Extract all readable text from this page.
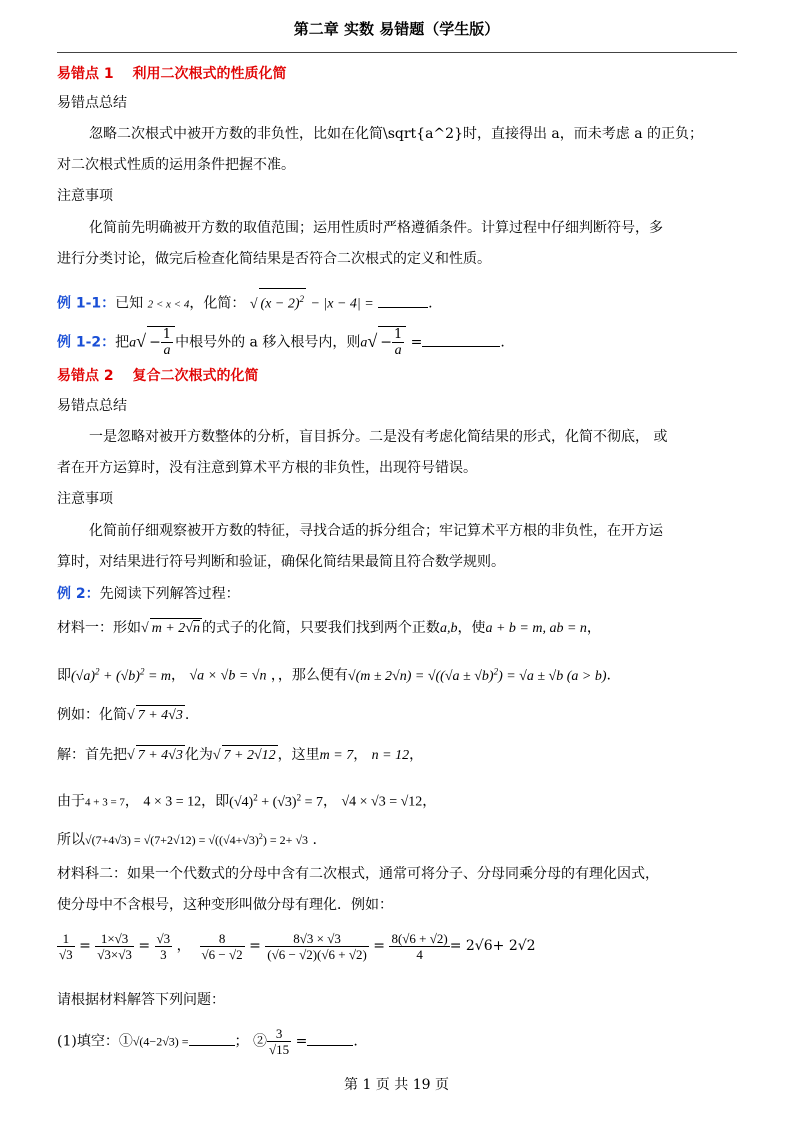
第二章 实数 易错题（学生版）
易错点 1　 利用二次根式的性质化简
易错点总结
忽略二次根式中被开方数的非负性，比如在化简\sqrt{a^2}时，直接得出 a，而未考虑 a 的正负；
对二次根式性质的运用条件把握不准。
注意事项
化简前先明确被开方数的取值范围；运用性质时严格遵循条件。计算过程中仔细判断符号，多
进行分类讨论，做完后检查化简结果是否符合二次根式的定义和性质。
例 1-1：已知 2 < x < 4，化简： √ $(x - 2)^2 - |x - 4|$ =	.
例 1-2：把$a√ - \frac{1}{a}$ 中根号外的 a 移入根号内，则$a√ - \frac{1}{a}$ =	.
易错点 2　 复合二次根式的化简
易错点总结
一是忽略对被开方数整体的分析，盲目拆分。二是没有考虑化简结果的形式，化简不彻底， 或
者在开方运算时，没有注意到算术平方根的非负性，出现符号错误。
注意事项
化简前仔细观察被开方数的特征，寻找合适的拆分组合；牢记算术平方根的非负性，在开方运
算时，对结果进行符号判断和验证，确保化简结果最简且符合数学规则。
例 2：先阅读下列解答过程：
材料一：形如√ m + 2√ n 的式子的化简，只要我们找到两个正数a,b，使a + b = m, ab = n，
即$(√a)^2 + (√b)^2 = m$， √a × √b = √n ，，那么便有$√(m \pm 2√n) = √((√a \pm √b)^2) = √a \pm √b$ (a > b).
例如：化简√ 7 + 4√3 .
解：首先把√ 7 + 4√3 化为√ 7 + 2√12 ，这里m = 7， n = 12，
由于4 + 3 = 7， 4 × 3 = 12，即$(√4)^2 + (√3)^2 = 7$， √4 × √3 = √12，
所以$√(7+4√3) = √(7+2√12) = √((√4+√3)^2) = 2+ √3$ .
材料科二：如果一个代数式的分母中含有二次根式，通常可将分子、分母同乘分母的有理化因式，
使分母中不含根号，这种变形叫做分母有理化．例如：
$\frac{1}{√3} = \frac{1\times√3}{√3\times√3} = \frac{√3}{3}$ ， $\frac{8}{√6 - √2} = \frac{8√3 \times √3}{(√6 - √2)(√6 + √2)} = \frac{8(√6 + √2)}{4} = 2√6+ 2√2$
请根据材料解答下列问题：
(1)填空：①√(4−2√3) =	； ② $\frac{3}{√15}$ =	.
第 1 页 共 19 页
